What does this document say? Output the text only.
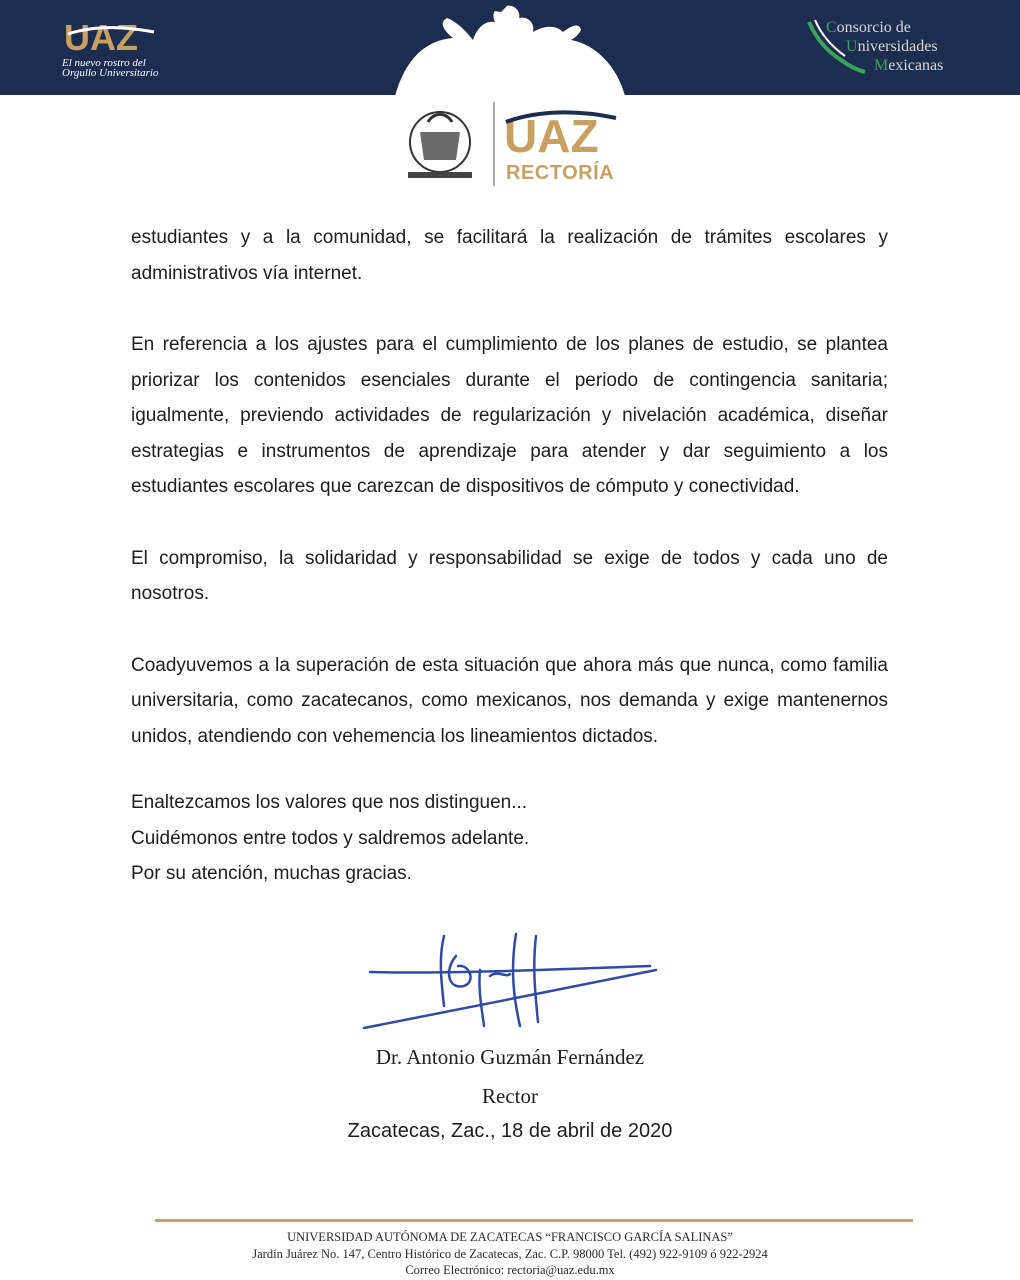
UAZ
El nuevo rostro del
Orgullo Universitario
Consorcio de
Universidades
Mexicanas
UAZ
RECTORÍA

estudiantes y a la comunidad, se facilitará la realización de trámites escolares y administrativos vía internet.

En referencia a los ajustes para el cumplimiento de los planes de estudio, se plantea priorizar los contenidos esenciales durante el periodo de contingencia sanitaria; igualmente, previendo actividades de regularización y nivelación académica, diseñar estrategias e instrumentos de aprendizaje para atender y dar seguimiento a los estudiantes escolares que carezcan de dispositivos de cómputo y conectividad.

El compromiso, la solidaridad y responsabilidad se exige de todos y cada uno de nosotros.

Coadyuvemos a la superación de esta situación que ahora más que nunca, como familia universitaria, como zacatecanos, como mexicanos, nos demanda y exige mantenernos unidos, atendiendo con vehemencia los lineamientos dictados.

Enaltezcamos los valores que nos distinguen...
Cuidémonos entre todos y saldremos adelante.
Por su atención, muchas gracias.
Dr. Antonio Guzmán Fernández
Rector
Zacatecas, Zac., 18 de abril de 2020
UNIVERSIDAD AUTÓNOMA DE ZACATECAS “FRANCISCO GARCÍA SALINAS”
Jardín Juárez No. 147, Centro Histórico de Zacatecas, Zac. C.P. 98000 Tel. (492) 922-9109 ó 922-2924
Correo Electrónico: rectoria@uaz.edu.mx
